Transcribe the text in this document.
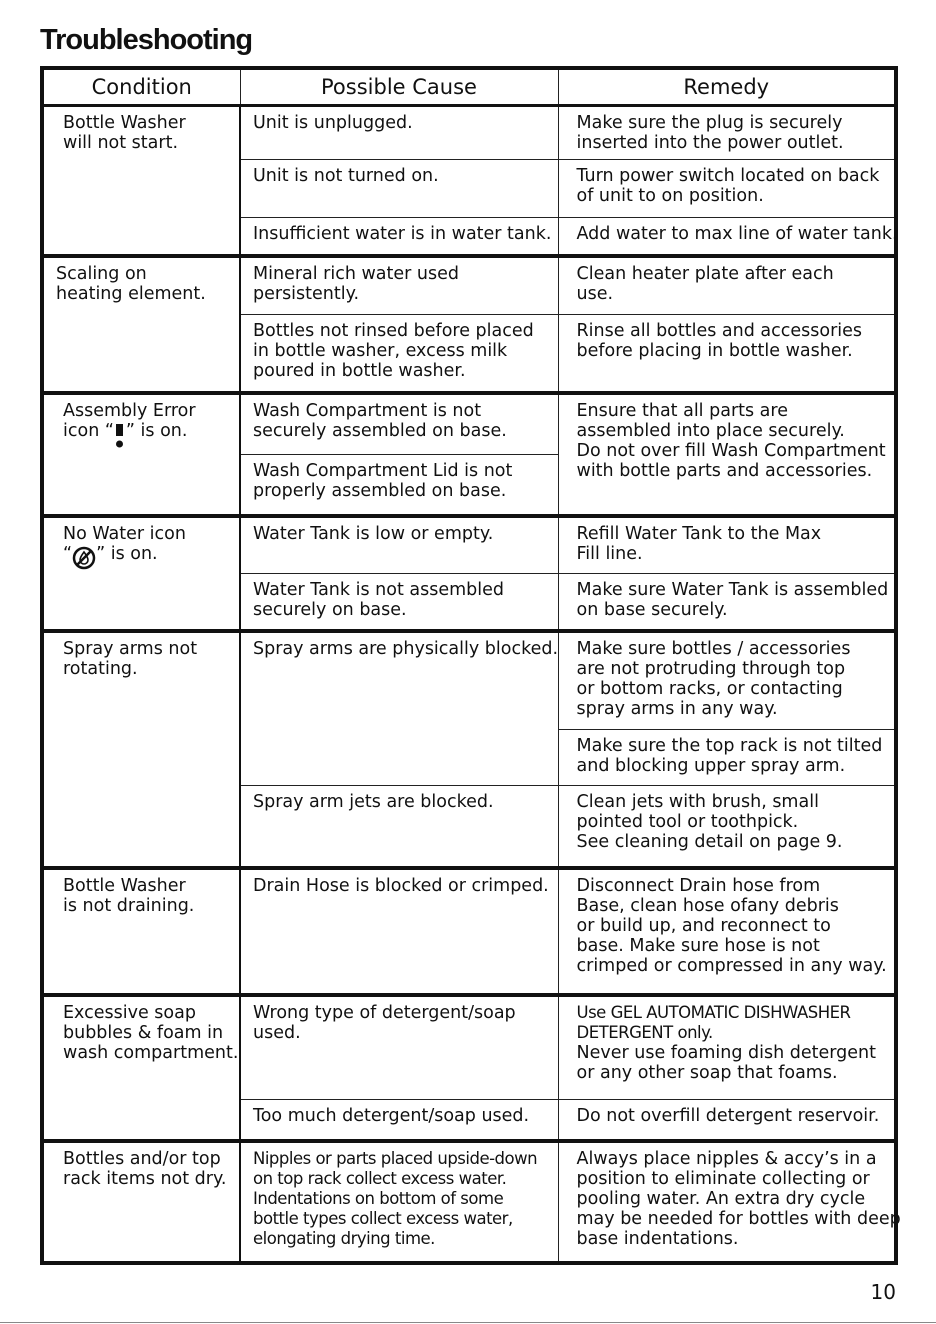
Troubleshooting
Condition	Possible Cause	Remedy

Bottle Washer
will not start.	Unit is unplugged.	Make sure the plug is securely
inserted into the power outlet.

	Unit is not turned on.	Turn power switch located on back
of unit to on position.

	Insufficient water is in water tank.	Add water to max line of water tank.

Scaling on
heating element.	Mineral rich water used
persistently.	Clean heater plate after each
use.

	Bottles not rinsed before placed
in bottle washer, excess milk
poured in bottle washer.	Rinse all bottles and accessories
before placing in bottle washer.

Assembly Error
icon “ ” is on.	Wash Compartment is not
securely assembled on base.	Ensure that all parts are
assembled into place securely.
Do not over fill Wash Compartment
with bottle parts and accessories.

	Wash Compartment Lid is not
properly assembled on base.	

No Water icon
“ ” is on.	Water Tank is low or empty.	Refill Water Tank to the Max
Fill line.

	Water Tank is not assembled
securely on base.	Make sure Water Tank is assembled
on base securely.

Spray arms not
rotating.	Spray arms are physically blocked.	Make sure bottles / accessories
are not protruding through top
or bottom racks, or contacting
spray arms in any way.

		Make sure the top rack is not tilted
and blocking upper spray arm.

	Spray arm jets are blocked.	Clean jets with brush, small
pointed tool or toothpick.
See cleaning detail on page 9.

Bottle Washer
is not draining.	Drain Hose is blocked or crimped.	Disconnect Drain hose from
Base, clean hose ofany debris
or build up, and reconnect to
base. Make sure hose is not
crimped or compressed in any way.

Excessive soap
bubbles & foam in
wash compartment.	Wrong type of detergent/soap
used.	Use GEL AUTOMATIC DISHWASHER
DETERGENT only.
Never use foaming dish detergent
or any other soap that foams.

	Too much detergent/soap used.	Do not overfill detergent reservoir.

Bottles and/or top
rack items not dry.	Nipples or parts placed upside-down
on top rack collect excess water.
Indentations on bottom of some
bottle types collect excess water,
elongating drying time.	Always place nipples & accy’s in a
position to eliminate collecting or
pooling water. An extra dry cycle
may be needed for bottles with deep
base indentations.
10
